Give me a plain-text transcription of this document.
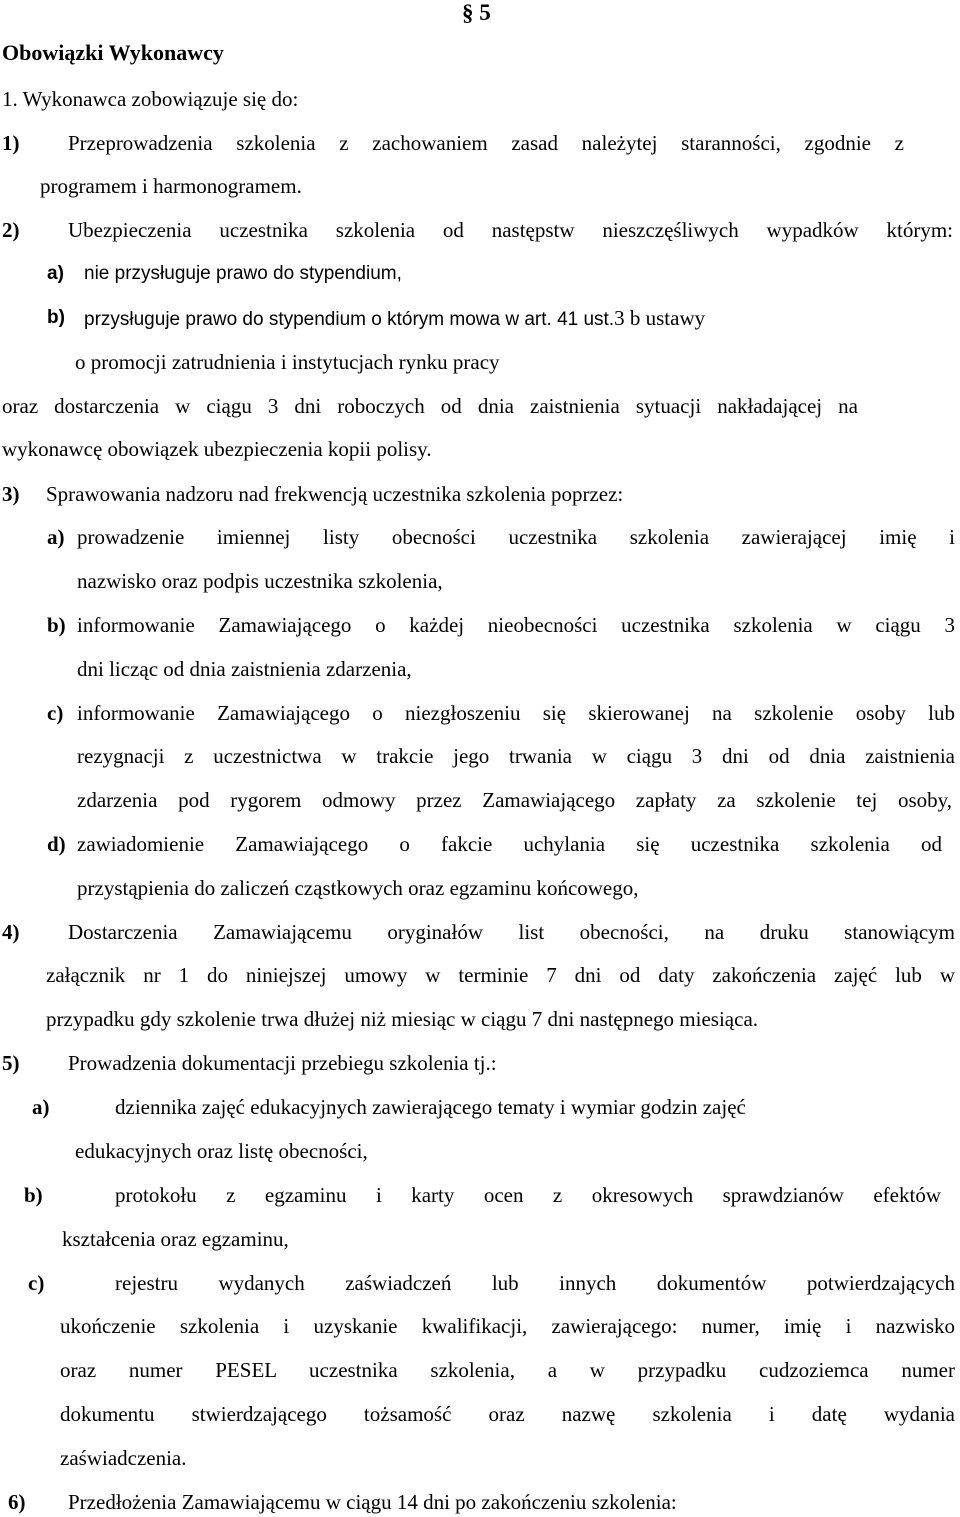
§ 5
Obowiązki Wykonawcy
1. Wykonawca zobowiązuje się do:
1) Przeprowadzenia szkolenia z zachowaniem zasad należytej staranności, zgodnie z
programem i harmonogramem.
2) Ubezpieczenia uczestnika szkolenia od następstw nieszczęśliwych wypadków którym:
a) nie przysługuje prawo do stypendium,
b) przysługuje prawo do stypendium o którym mowa w art. 41 ust.3 b ustawy
o promocji zatrudnienia i instytucjach rynku pracy
oraz dostarczenia w ciągu 3 dni roboczych od dnia zaistnienia sytuacji nakładającej na
wykonawcę obowiązek ubezpieczenia kopii polisy.
3) Sprawowania nadzoru nad frekwencją uczestnika szkolenia poprzez:
a) prowadzenie imiennej listy obecności uczestnika szkolenia zawierającej imię i
nazwisko oraz podpis uczestnika szkolenia,
b) informowanie Zamawiającego o każdej nieobecności uczestnika szkolenia w ciągu 3
dni licząc od dnia zaistnienia zdarzenia,
c) informowanie Zamawiającego o niezgłoszeniu się skierowanej na szkolenie osoby lub
rezygnacji z uczestnictwa w trakcie jego trwania w ciągu 3 dni od dnia zaistnienia
zdarzenia pod rygorem odmowy przez Zamawiającego zapłaty za szkolenie tej osoby,
d) zawiadomienie Zamawiającego o fakcie uchylania się uczestnika szkolenia od
przystąpienia do zaliczeń cząstkowych oraz egzaminu końcowego,
4) Dostarczenia Zamawiającemu oryginałów list obecności, na druku stanowiącym
załącznik nr 1 do niniejszej umowy w terminie 7 dni od daty zakończenia zajęć lub w
przypadku gdy szkolenie trwa dłużej niż miesiąc w ciągu 7 dni następnego miesiąca.
5) Prowadzenia dokumentacji przebiegu szkolenia tj.:
a)	dziennika zajęć edukacyjnych zawierającego tematy i wymiar godzin zajęć
edukacyjnych oraz listę obecności,
b)	protokołu z egzaminu i karty ocen z okresowych sprawdzianów efektów
kształcenia oraz egzaminu,
c)	rejestru wydanych zaświadczeń lub innych dokumentów potwierdzających
ukończenie szkolenia i uzyskanie kwalifikacji, zawierającego: numer, imię i nazwisko
oraz numer PESEL uczestnika szkolenia, a w przypadku cudzoziemca numer
dokumentu stwierdzającego tożsamość oraz nazwę szkolenia i datę wydania
zaświadczenia.
6) Przedłożenia Zamawiającemu w ciągu 14 dni po zakończeniu szkolenia:
